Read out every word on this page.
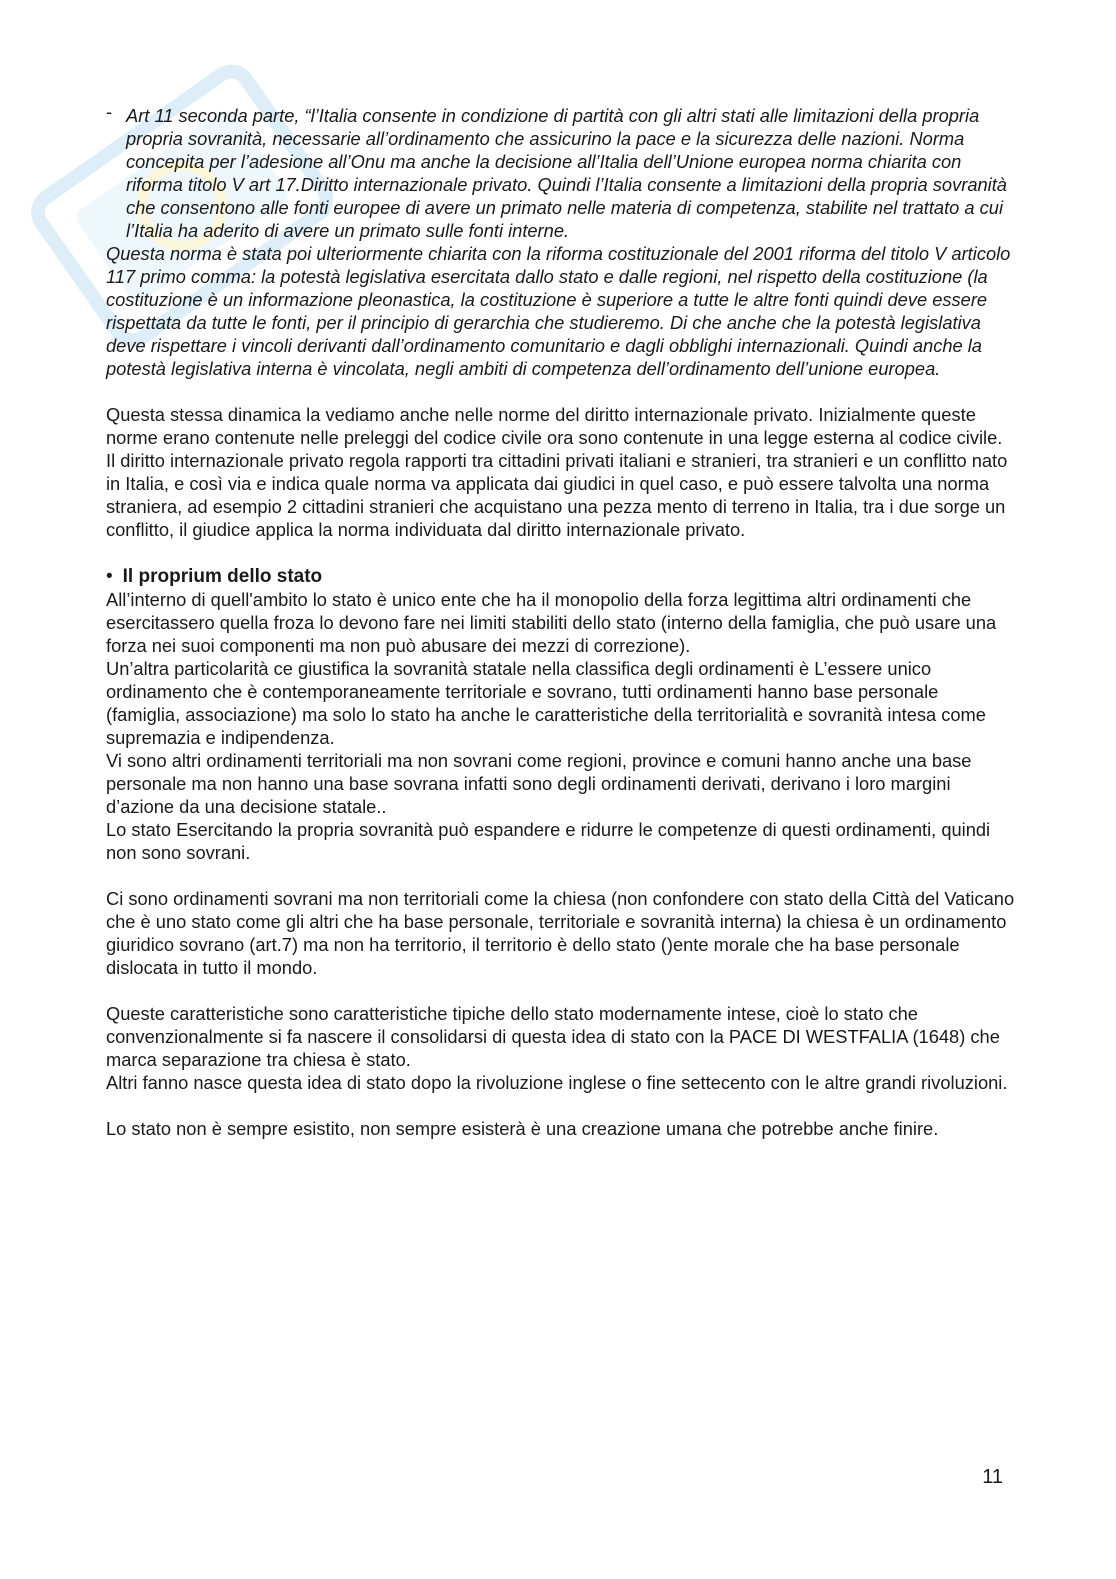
- Art 11 seconda parte, “l’Italia consente in condizione di partità con gli altri stati alle limitazioni della propria propria sovranità, necessarie all’ordinamento che assicurino la pace e la sicurezza delle nazioni. Norma concepita per l’adesione all’Onu ma anche la decisione all’Italia dell’Unione europea norma chiarita con riforma titolo V art 17.Diritto internazionale privato. Quindi l’Italia consente a limitazioni della propria sovranità che consentono alle fonti europee di avere un primato nelle materia di competenza, stabilite nel trattato a cui l’Italia ha aderito di avere un primato sulle fonti interne.

Questa norma è stata poi ulteriormente chiarita con la riforma costituzionale del 2001 riforma del titolo V articolo 117 primo comma: la potestà legislativa esercitata dallo stato e dalle regioni, nel rispetto della costituzione (la costituzione è un informazione pleonastica, la costituzione è superiore a tutte le altre fonti quindi deve essere rispettata da tutte le fonti, per il principio di gerarchia che studieremo. Di che anche che la potestà legislativa deve rispettare i vincoli derivanti dall’ordinamento comunitario e dagli obblighi internazionali. Quindi anche la potestà legislativa interna è vincolata, negli ambiti di competenza dell’ordinamento dell’unione europea.

Questa stessa dinamica la vediamo anche nelle norme del diritto internazionale privato. Inizialmente queste norme erano contenute nelle preleggi del codice civile ora sono contenute in una legge esterna al codice civile. Il diritto internazionale privato regola rapporti tra cittadini privati italiani e stranieri, tra stranieri e un conflitto nato in Italia, e così via e indica quale norma va applicata dai giudici in quel caso, e può essere talvolta una norma straniera, ad esempio 2 cittadini stranieri che acquistano una pezza mento di terreno in Italia, tra i due sorge un conflitto, il giudice applica la norma individuata dal diritto internazionale privato.

• Il proprium dello stato

All’interno di quell'ambito lo stato è unico ente che ha il monopolio della forza legittima altri ordinamenti che esercitassero quella froza lo devono fare nei limiti stabiliti dello stato (interno della famiglia, che può usare una forza nei suoi componenti ma non può abusare dei mezzi di correzione).

Un’altra particolarità ce giustifica la sovranità statale nella classifica degli ordinamenti è L’essere unico ordinamento che è contemporaneamente territoriale e sovrano, tutti ordinamenti hanno base personale (famiglia, associazione) ma solo lo stato ha anche le caratteristiche della territorialità e sovranità intesa come supremazia e indipendenza.

Vi sono altri ordinamenti territoriali ma non sovrani come regioni, province e comuni hanno anche una base personale ma non hanno una base sovrana infatti sono degli ordinamenti derivati, derivano i loro margini d’azione da una decisione statale..

Lo stato Esercitando la propria sovranità può espandere e ridurre le competenze di questi ordinamenti, quindi non sono sovrani.

Ci sono ordinamenti sovrani ma non territoriali come la chiesa (non confondere con stato della Città del Vaticano che è uno stato come gli altri che ha base personale, territoriale e sovranità interna) la chiesa è un ordinamento giuridico sovrano (art.7) ma non ha territorio, il territorio è dello stato ()ente morale che ha base personale dislocata in tutto il mondo.

Queste caratteristiche sono caratteristiche tipiche dello stato modernamente intese, cioè lo stato che convenzionalmente si fa nascere il consolidarsi di questa idea di stato con la PACE DI WESTFALIA (1648) che marca separazione tra chiesa è stato.

Altri fanno nasce questa idea di stato dopo la rivoluzione inglese o fine settecento con le altre grandi rivoluzioni.

Lo stato non è sempre esistito, non sempre esisterà è una creazione umana che potrebbe anche finire.

11
